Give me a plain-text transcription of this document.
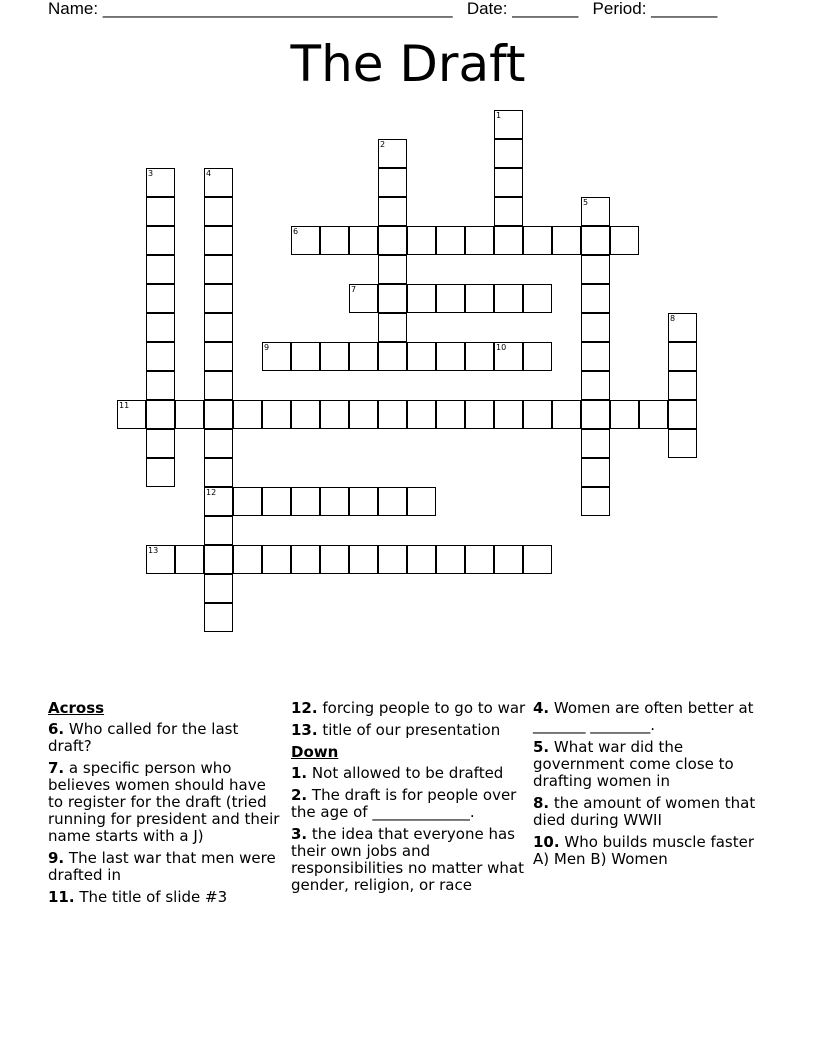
Name: _____________________________________ Date: _______ Period: _______
The Draft
1
2
3	4
5
6
7
8
9	10
11
12
13
Across
6. Who called for the last draft?
7. a specific person who believes women should have to register for the draft (tried running for president and their name starts with a J)
9. The last war that men were drafted in
11. The title of slide #3
12. forcing people to go to war
13. title of our presentation
Down
1. Not allowed to be drafted
2. The draft is for people over the age of _____________.
3. the idea that everyone has their own jobs and responsibilities no matter what gender, religion, or race
4. Women are often better at _______ ________.
5. What war did the government come close to drafting women in
8. the amount of women that died during WWII
10. Who builds muscle faster A) Men B) Women
